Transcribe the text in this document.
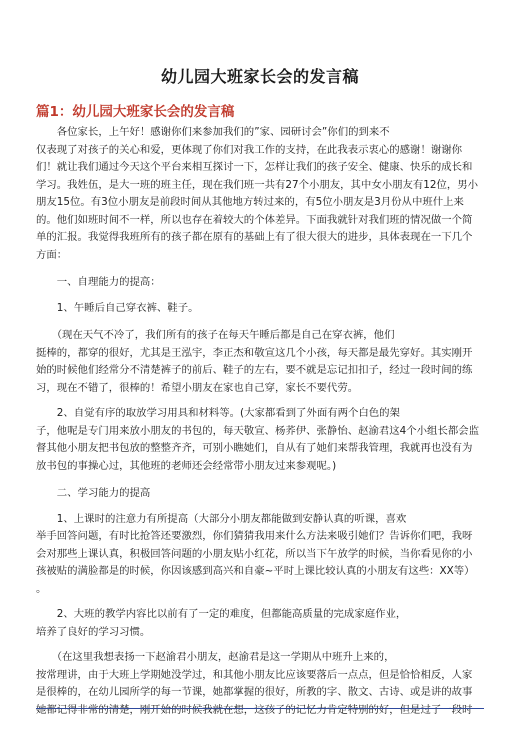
幼儿园大班家长会的发言稿
篇1：幼儿园大班家长会的发言稿

　　各位家长，上午好！感谢你们来参加我们的”家、园研讨会”你们的到来不

仅表现了对孩子的关心和爱，更体现了你们对我工作的支持，在此我表示衷心的感谢！谢谢你们！就让我们通过今天这个平台来相互探讨一下，怎样让我们的孩子安全、健康、快乐的成长和学习。我姓伍，是大一班的班主任，现在我们班一共有27个小朋友，其中女小朋友有12位，男小朋友15位。有3位小朋友是前段时间从其他地方转过来的，有5位小朋友是3月份从中班什上来的。他们如班时间不一样，所以也存在着较大的个体差异。下面我就针对我们班的情况做一个简单的汇报。我觉得我班所有的孩子都在原有的基础上有了很大很大的进步，具体表现在一下几个方面：

　　一、自理能力的提高：

　　1、午睡后自己穿衣裤、鞋子。

　　（现在天气不冷了，我们所有的孩子在每天午睡后都是自己在穿衣裤，他们

挺棒的，都穿的很好，尤其是王泓宇，李正杰和敬宣这几个小孩，每天都是最先穿好。其实刚开始的时候他们经常分不清楚裤子的前后、鞋子的左右，要不就是忘记扣扣子，经过一段时间的练习，现在不错了，很棒的！希望小朋友在家也自己穿，家长不要代劳。

　　2、自觉有序的取放学习用具和材料等。(大家都看到了外面有两个白色的架

子，他呢是专门用来放小朋友的书包的，每天敬宣、杨荞伊、张静怡、赵渝君这4个小组长都会监督其他小朋友把书包放的整整齐齐，可别小瞧她们，自从有了她们来帮我管理，我就再也没有为放书包的事操心过，其他班的老师还会经常带小朋友过来参观呢。)

　　二、学习能力的提高

　　1、上课时的注意力有所提高（大部分小朋友都能做到安静认真的听课，喜欢

举手回答问题，有时比抢答还要激烈，你们猜猜我用来什么方法来吸引她们？告诉你们吧，我呀会对那些上课认真，积极回答问题的小朋友贴小红花，所以当下午放学的时候，当你看见你的小孩被贴的满脸都是的时候，你因该感到高兴和自豪~平时上课比较认真的小朋友有这些：XX等）

。

　　2、大班的教学内容比以前有了一定的难度，但都能高质量的完成家庭作业，

培养了良好的学习习惯。

　　（在这里我想表扬一下赵渝君小朋友，赵渝君是这一学期从中班升上来的，

按常理讲，由于大班上学期她没学过，和其他小朋友比应该要落后一点点，但是恰恰相反，人家是很棒的，在幼儿园所学的每一节课，她都掌握的很好，所教的字、散文、古诗、或是讲的故事她都记得非常的清楚，刚开始的时候我就在想，这孩子的记忆力肯定特别的好，但是过了一段时
